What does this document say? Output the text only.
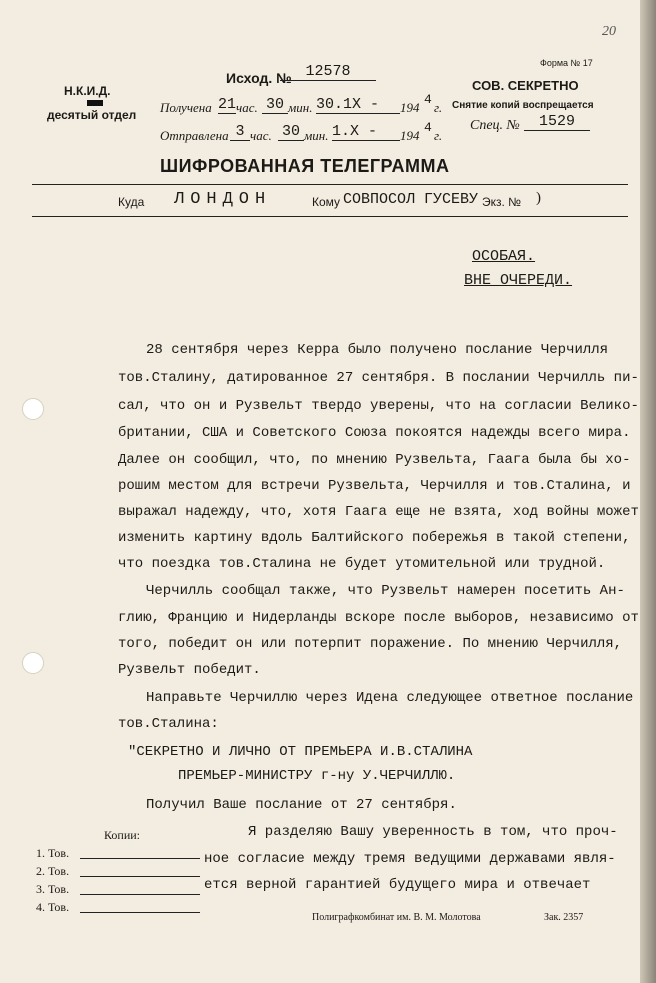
20
Форма № 17
Н.К.И.Д.
десятый отдел
Исход. № 12578
Получена 21 час. 30 мин. 30.1Х -	194
4
г.
Отправлена 3 час. 30 мин. 1.Х -	194
4
г.
СОВ. СЕКРЕТНО
Снятие копий воспрещается
Спец. №	1529
ШИФРОВАННАЯ ТЕЛЕГРАММА
Куда ЛОНДОН	Кому СОВПОСОЛ ГУСЕВУ Экз. № )
ОСОБАЯ.
ВНЕ ОЧЕРЕДИ.
28 сентября через Керра было получено послание Черчилля
тов.Сталину, датированное 27 сентября. В послании Черчилль пи-
сал, что он и Рузвельт твердо уверены, что на согласии Велико-
британии, США и Советского Союза покоятся надежды всего мира.
Далее он сообщил, что, по мнению Рузвельта, Гаага была бы хо-
рошим местом для встречи Рузвельта, Черчилля и тов.Сталина, и
выражал надежду, что, хотя Гаага еще не взята, ход войны может
изменить картину вдоль Балтийского побережья в такой степени,
что поездка тов.Сталина не будет утомительной или трудной.
Черчилль сообщал также, что Рузвельт намерен посетить Ан-
глию, Францию и Нидерланды вскоре после выборов, независимо от
того, победит он или потерпит поражение. По мнению Черчилля,
Рузвельт победит.
Направьте Черчиллю через Идена следующее ответное послание
тов.Сталина:
"СЕКРЕТНО И ЛИЧНО ОТ ПРЕМЬЕРА И.В.СТАЛИНА
ПРЕМЬЕР-МИНИСТРУ г-ну У.ЧЕРЧИЛЛЮ.
Получил Ваше послание от 27 сентября.
Я разделяю Вашу уверенность в том, что проч-
ное согласие между тремя ведущими державами явля-
ется верной гарантией будущего мира и отвечает
Копии:
1. Тов.
2. Тов.
3. Тов.
4. Тов.
Полиграфкомбинат им. В. М. Молотова	Зак. 2357
